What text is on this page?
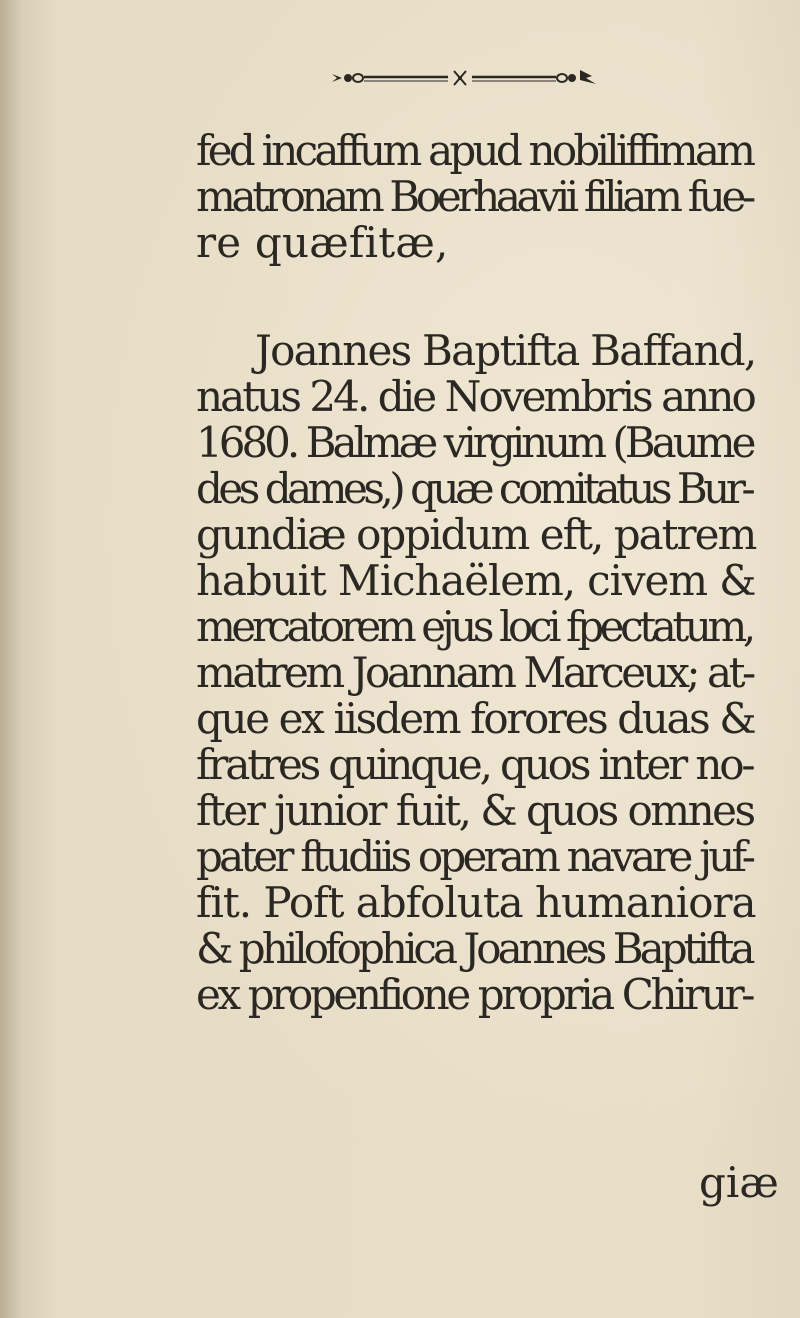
fed incaffum apud nobiliffimam
matronam Boerhaavii filiam fue-
re quæfitæ,
Joannes Baptifta Baffand,
natus 24. die Novembris anno
1680. Balmæ virginum (Baume
des dames,) quæ comitatus Bur-
gundiæ oppidum eft, patrem
habuit Michaëlem, civem &
mercatorem ejus loci fpectatum,
matrem Joannam Marceux; at-
que ex iisdem forores duas &
fratres quinque, quos inter no-
fter junior fuit, & quos omnes
pater ftudiis operam navare juf-
fit. Poft abfoluta humaniora
& philofophica Joannes Baptifta
ex propenfione propria Chirur-
giæ
